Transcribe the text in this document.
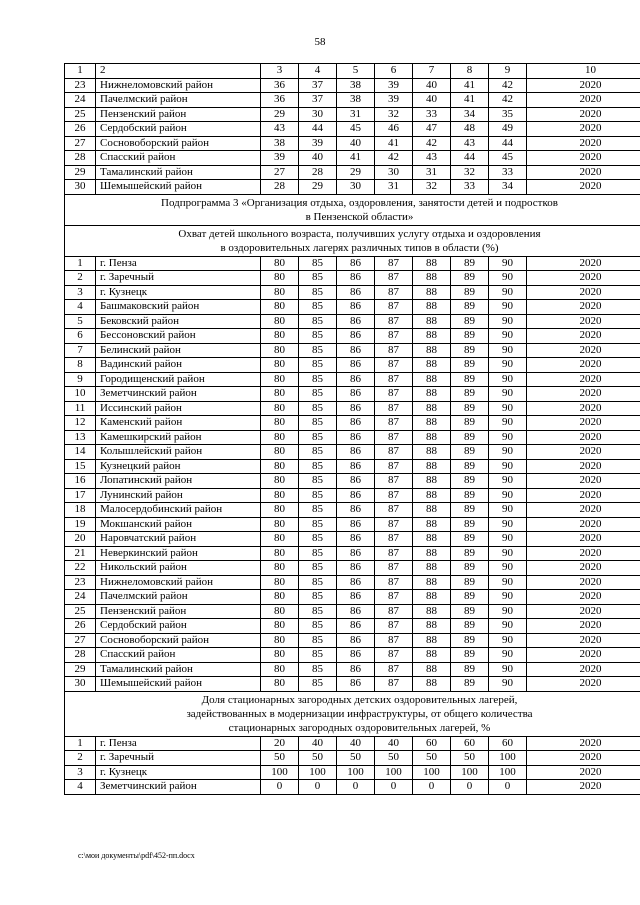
58
1	2	3	4	5	6	7	8	9	10
23	Нижнеломовский район	36	37	38	39	40	41	42	2020
24	Пачелмский район	36	37	38	39	40	41	42	2020
25	Пензенский район	29	30	31	32	33	34	35	2020
26	Сердобский район	43	44	45	46	47	48	49	2020
27	Сосновоборский район	38	39	40	41	42	43	44	2020
28	Спасский район	39	40	41	42	43	44	45	2020
29	Тамалинский район	27	28	29	30	31	32	33	2020
30	Шемышейский район	28	29	30	31	32	33	34	2020

Подпрограмма 3 «Организация отдыха, оздоровления, занятости детей и подростков
в Пензенской области»									

Охват детей школьного возраста, получивших услугу отдыха и оздоровления
в оздоровительных лагерях различных типов в области (%)									

1	г. Пенза	80	85	86	87	88	89	90	2020
2	г. Заречный	80	85	86	87	88	89	90	2020
3	г. Кузнецк	80	85	86	87	88	89	90	2020
4	Башмаковский район	80	85	86	87	88	89	90	2020
5	Бековский район	80	85	86	87	88	89	90	2020
6	Бессоновский район	80	85	86	87	88	89	90	2020
7	Белинский район	80	85	86	87	88	89	90	2020
8	Вадинский район	80	85	86	87	88	89	90	2020
9	Городищенский район	80	85	86	87	88	89	90	2020
10	Земетчинский район	80	85	86	87	88	89	90	2020
11	Иссинский район	80	85	86	87	88	89	90	2020
12	Каменский район	80	85	86	87	88	89	90	2020
13	Камешкирский район	80	85	86	87	88	89	90	2020
14	Колышлейский район	80	85	86	87	88	89	90	2020
15	Кузнецкий район	80	85	86	87	88	89	90	2020
16	Лопатинский район	80	85	86	87	88	89	90	2020
17	Лунинский район	80	85	86	87	88	89	90	2020
18	Малосердобинский район	80	85	86	87	88	89	90	2020
19	Мокшанский район	80	85	86	87	88	89	90	2020
20	Наровчатский район	80	85	86	87	88	89	90	2020
21	Неверкинский район	80	85	86	87	88	89	90	2020
22	Никольский район	80	85	86	87	88	89	90	2020
23	Нижнеломовский район	80	85	86	87	88	89	90	2020
24	Пачелмский район	80	85	86	87	88	89	90	2020
25	Пензенский район	80	85	86	87	88	89	90	2020
26	Сердобский район	80	85	86	87	88	89	90	2020
27	Сосновоборский район	80	85	86	87	88	89	90	2020
28	Спасский район	80	85	86	87	88	89	90	2020
29	Тамалинский район	80	85	86	87	88	89	90	2020
30	Шемышейский район	80	85	86	87	88	89	90	2020

Доля стационарных загородных детских оздоровительных лагерей,
задействованных в модернизации инфраструктуры, от общего количества
стационарных загородных оздоровительных лагерей, %									

1	г. Пенза	20	40	40	40	60	60	60	2020
2	г. Заречный	50	50	50	50	50	50	100	2020
3	г. Кузнецк	100	100	100	100	100	100	100	2020
4	Земетчинский район	0	0	0	0	0	0	0	2020
c:\мои документы\pdf\452-пп.docx
